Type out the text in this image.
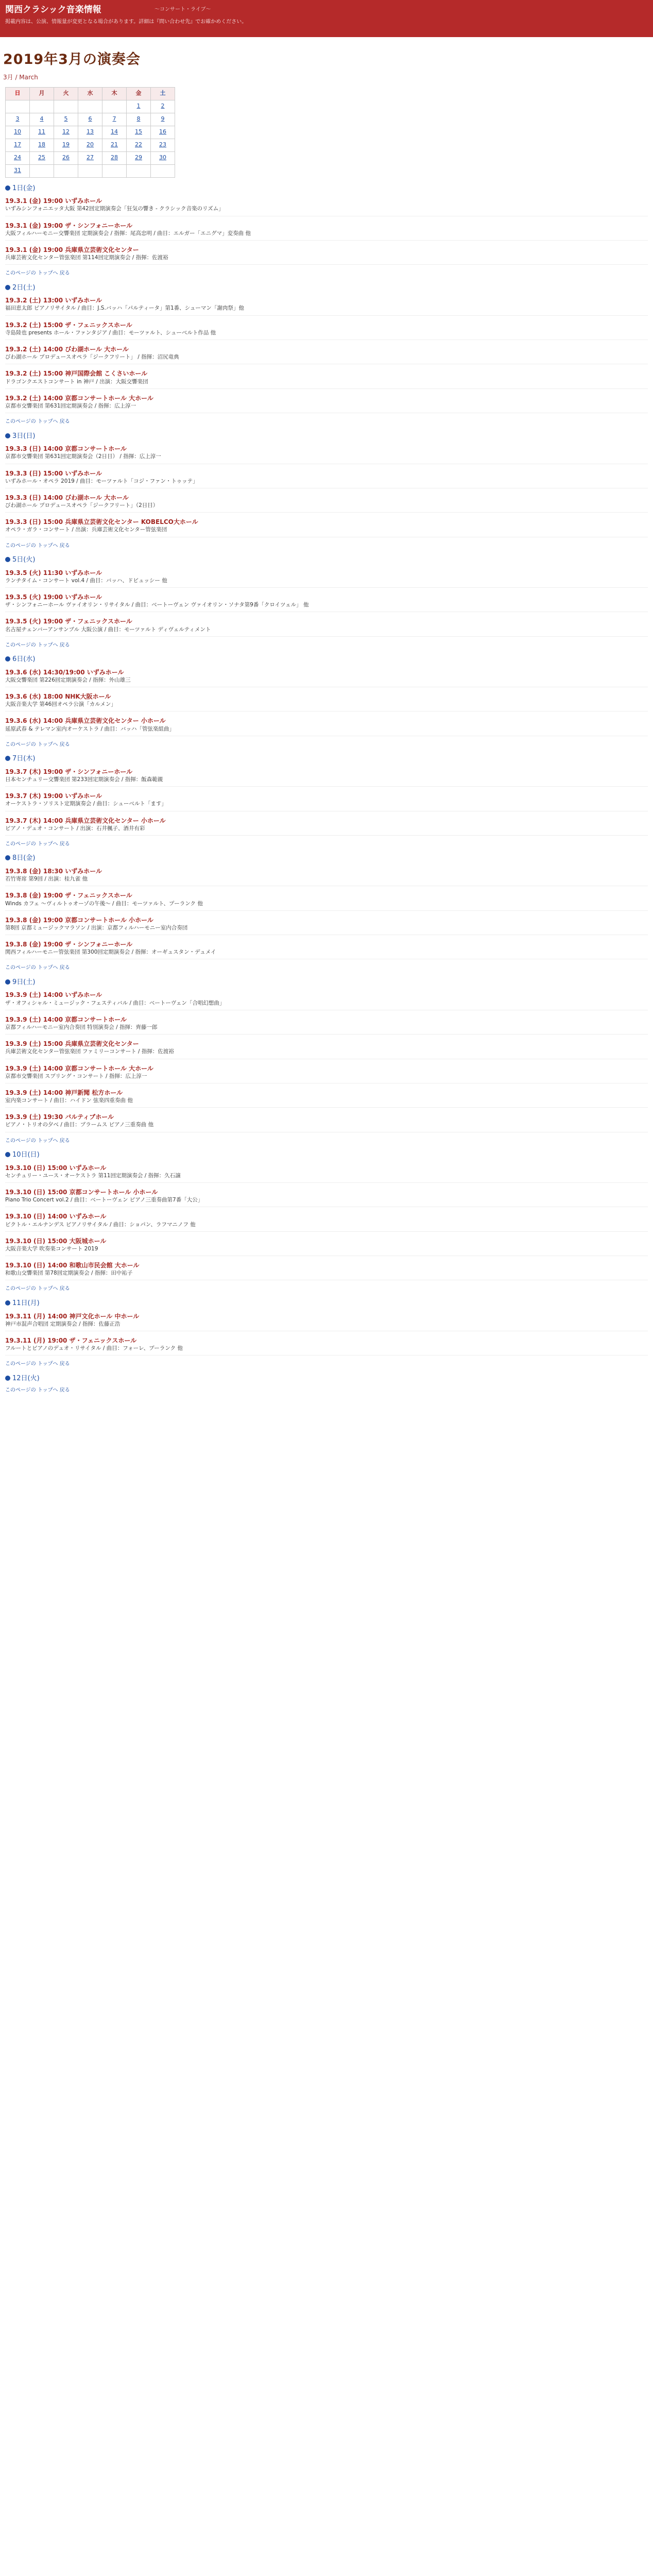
関西クラシック音楽情報	～コンサート・ライブ～
掲載内容は、公演、情報量が変更となる場合があります。詳細は『問い合わせ先』でお確かめください。
2019年3月の演奏会
3月 / March
日	月	火	水	木	金	土
					1	2
3	4	5	6	7	8	9
10	11	12	13	14	15	16
17	18	19	20	21	22	23
24	25	26	27	28	29	30
31						
1日(金)
19.3.1 (金) 19:00 いずみホール
いずみシンフォニエッタ大阪 第42回定期演奏会「狂気の響き - クラシック音楽のリズム」
19.3.1 (金) 19:00 ザ・シンフォニーホール
大阪フィルハーモニー交響楽団 定期演奏会 / 指揮：尾高忠明 / 曲目：エルガー「エニグマ」変奏曲 他
19.3.1 (金) 19:00 兵庫県立芸術文化センター
兵庫芸術文化センター管弦楽団 第114回定期演奏会 / 指揮：佐渡裕
このページの トップへ 戻る
2日(土)
19.3.2 (土) 13:00 いずみホール
福田恵太郎 ピアノリサイタル / 曲目：J.S.バッハ「パルティータ」第1番、シューマン「謝肉祭」他
19.3.2 (土) 15:00 ザ・フェニックスホール
寺島陸也 presents ホール・ファンタジア / 曲目：モーツァルト、シューベルト作品 他
19.3.2 (土) 14:00 びわ湖ホール 大ホール
びわ湖ホール プロデュースオペラ「ジークフリート」 / 指揮：沼尻竜典
19.3.2 (土) 15:00 神戸国際会館 こくさいホール
ドラゴンクエストコンサート in 神戸 / 出演：大阪交響楽団
19.3.2 (土) 14:00 京都コンサートホール 大ホール
京都市交響楽団 第631回定期演奏会 / 指揮：広上淳一
このページの トップへ 戻る
3日(日)
19.3.3 (日) 14:00 京都コンサートホール
京都市交響楽団 第631回定期演奏会（2日目） / 指揮：広上淳一
19.3.3 (日) 15:00 いずみホール
いずみホール・オペラ 2019 / 曲目：モーツァルト「コジ・ファン・トゥッテ」
19.3.3 (日) 14:00 びわ湖ホール 大ホール
びわ湖ホール プロデュースオペラ「ジークフリート」（2日目）
19.3.3 (日) 15:00 兵庫県立芸術文化センター KOBELCO大ホール
オペラ・ガラ・コンサート / 出演：兵庫芸術文化センター管弦楽団
このページの トップへ 戻る
5日(火)
19.3.5 (火) 11:30 いずみホール
ランチタイム・コンサート vol.4 / 曲目：バッハ、ドビュッシー 他
19.3.5 (火) 19:00 いずみホール
ザ・シンフォニーホール ヴァイオリン・リサイタル / 曲目：ベートーヴェン ヴァイオリン・ソナタ第9番「クロイツェル」 他
19.3.5 (火) 19:00 ザ・フェニックスホール
名古屋チェンバーアンサンブル 大阪公演 / 曲目：モーツァルト ディヴェルティメント
このページの トップへ 戻る
6日(水)
19.3.6 (水) 14:30/19:00 いずみホール
大阪交響楽団 第226回定期演奏会 / 指揮：外山雄三
19.3.6 (水) 18:00 NHK大阪ホール
大阪音楽大学 第46回オペラ公演「カルメン」
19.3.6 (水) 14:00 兵庫県立芸術文化センター 小ホール
延原武春 & テレマン室内オーケストラ / 曲目：バッハ「管弦楽組曲」
このページの トップへ 戻る
7日(木)
19.3.7 (木) 19:00 ザ・シンフォニーホール
日本センチュリー交響楽団 第233回定期演奏会 / 指揮：飯森範親
19.3.7 (木) 19:00 いずみホール
オーケストラ・ソリスト定期演奏会 / 曲目：シューベルト「ます」
19.3.7 (木) 14:00 兵庫県立芸術文化センター 小ホール
ピアノ・デュオ・コンサート / 出演：石井楓子、酒井有彩
このページの トップへ 戻る
8日(金)
19.3.8 (金) 18:30 いずみホール
若竹寄席 第9回 / 出演：桂九雀 他
19.3.8 (金) 19:00 ザ・フェニックスホール
Winds カフェ ～ヴィルトゥオーゾの午後～ / 曲目：モーツァルト、プーランク 他
19.3.8 (金) 19:00 京都コンサートホール 小ホール
第8回 京都ミュージックマラソン / 出演：京都フィルハーモニー室内合奏団
19.3.8 (金) 19:00 ザ・シンフォニーホール
関西フィルハーモニー管弦楽団 第300回定期演奏会 / 指揮：オーギュスタン・デュメイ
このページの トップへ 戻る
9日(土)
19.3.9 (土) 14:00 いずみホール
ザ・オフィシャル・ミュージック・フェスティバル / 曲目：ベートーヴェン「合唱幻想曲」
19.3.9 (土) 14:00 京都コンサートホール
京都フィルハーモニー室内合奏団 特別演奏会 / 指揮：齊藤一郎
19.3.9 (土) 15:00 兵庫県立芸術文化センター
兵庫芸術文化センター管弦楽団 ファミリーコンサート / 指揮：佐渡裕
19.3.9 (土) 14:00 京都コンサートホール 大ホール
京都市交響楽団 スプリング・コンサート / 指揮：広上淳一
19.3.9 (土) 14:00 神戸新聞 松方ホール
室内楽コンサート / 曲目：ハイドン 弦楽四重奏曲 他
19.3.9 (土) 19:30 バルティブホール
ピアノ・トリオの夕べ / 曲目：ブラームス ピアノ三重奏曲 他
このページの トップへ 戻る
10日(日)
19.3.10 (日) 15:00 いずみホール
センチュリー・ユース・オーケストラ 第11回定期演奏会 / 指揮：久石譲
19.3.10 (日) 15:00 京都コンサートホール 小ホール
Piano Trio Concert vol.2 / 曲目：ベートーヴェン ピアノ三重奏曲第7番「大公」
19.3.10 (日) 14:00 いずみホール
ビクトル・エルナンデス ピアノリサイタル / 曲目：ショパン、ラフマニノフ 他
19.3.10 (日) 15:00 大阪城ホール
大阪音楽大学 吹奏楽コンサート 2019
19.3.10 (日) 14:00 和歌山市民会館 大ホール
和歌山交響楽団 第78回定期演奏会 / 指揮：田中祐子
このページの トップへ 戻る
11日(月)
19.3.11 (月) 14:00 神戸文化ホール 中ホール
神戸市混声合唱団 定期演奏会 / 指揮：佐藤正浩
19.3.11 (月) 19:00 ザ・フェニックスホール
フルートとピアノのデュオ・リサイタル / 曲目：フォーレ、プーランク 他
このページの トップへ 戻る
12日(火)
このページの トップへ 戻る
